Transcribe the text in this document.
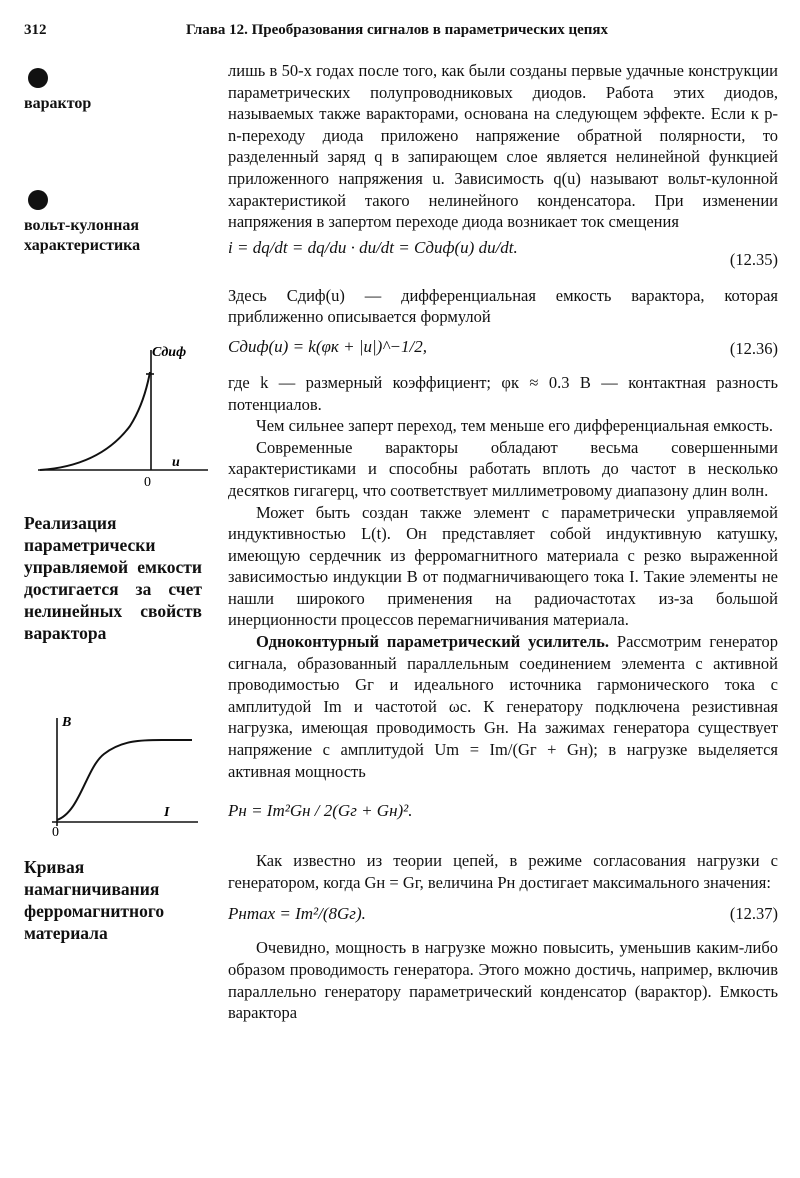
312	Глава 12. Преобразования сигналов в параметрических цепях
варактор
вольт-кулонная характеристика
Cдиф
u
0
Реализация параметрически управляемой емкости достигается за счет нелинейных свойств варактора
B
I
0
Кривая намагничивания ферромагнитного материала

лишь в 50-х годах после того, как были созданы первые удачные конструкции параметрических полупроводниковых диодов. Работа этих диодов, называемых также варакторами, основана на следующем эффекте. Если к p-n-переходу диода приложено напряжение обратной полярности, то разделенный заряд q в запирающем слое является нелинейной функцией приложенного напряжения u. Зависимость q(u) называют вольт-кулонной характеристикой такого нелинейного конденсатора. При изменении напряжения в запертом переходе диода возникает ток смещения

i = dq/dt = dq/du · du/dt = Cдиф(u) du/dt.
(12.35)

Здесь Cдиф(u) — дифференциальная емкость варактора, которая приближенно описывается формулой

Cдиф(u) = k(φк + |u|)^−1/2,	(12.36)

где k — размерный коэффициент; φк ≈ 0.3 В — контактная разность потенциалов.

Чем сильнее заперт переход, тем меньше его дифференциальная емкость.

Современные варакторы обладают весьма совершенными характеристиками и способны работать вплоть до частот в несколько десятков гигагерц, что соответствует миллиметровому диапазону длин волн.

Может быть создан также элемент с параметрически управляемой индуктивностью L(t). Он представляет собой индуктивную катушку, имеющую сердечник из ферромагнитного материала с резко выраженной зависимостью индукции B от подмагничивающего тока I. Такие элементы не нашли широкого применения на радиочастотах из-за большой инерционности процессов перемагничивания материала.

Одноконтурный параметрический усилитель. Рассмотрим генератор сигнала, образованный параллельным соединением элемента с активной проводимостью Gг и идеального источника гармонического тока с амплитудой Im и частотой ωс. К генератору подключена резистивная нагрузка, имеющая проводимость Gн. На зажимах генератора существует напряжение с амплитудой Um = Im/(Gг + Gн); в нагрузке выделяется активная мощность

Pн = Im²Gн / 2(Gг + Gн)².

Как известно из теории цепей, в режиме согласования нагрузки с генератором, когда Gн = Gг, величина Pн достигает максимального значения:

Pнmax = Im²/(8Gг).	(12.37)

Очевидно, мощность в нагрузке можно повысить, уменьшив каким-либо образом проводимость генератора. Этого можно достичь, например, включив параллельно генератору параметрический конденсатор (варактор). Емкость варактора
